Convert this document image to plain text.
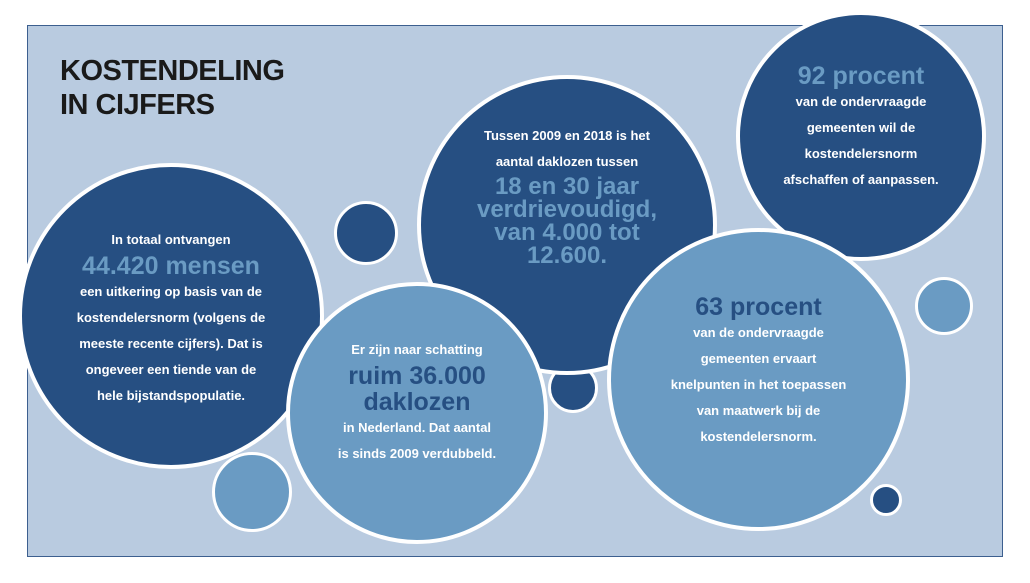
KOSTENDELING
IN CIJFERS
In totaal ontvangen
44.420 mensen
een uitkering op basis van de
kostendelersnorm (volgens de
meeste recente cijfers). Dat is
ongeveer een tiende van de
hele bijstandspopulatie.
Tussen 2009 en 2018 is het
aantal daklozen tussen
18 en 30 jaar
verdrievoudigd,
van 4.000 tot
12.600.
Er zijn naar schatting
ruim 36.000
daklozen
in Nederland. Dat aantal
is sinds 2009 verdubbeld.
92 procent
van de ondervraagde
gemeenten wil de
kostendelersnorm
afschaffen of aanpassen.
63 procent
van de ondervraagde
gemeenten ervaart
knelpunten in het toepassen
van maatwerk bij de
kostendelersnorm.
